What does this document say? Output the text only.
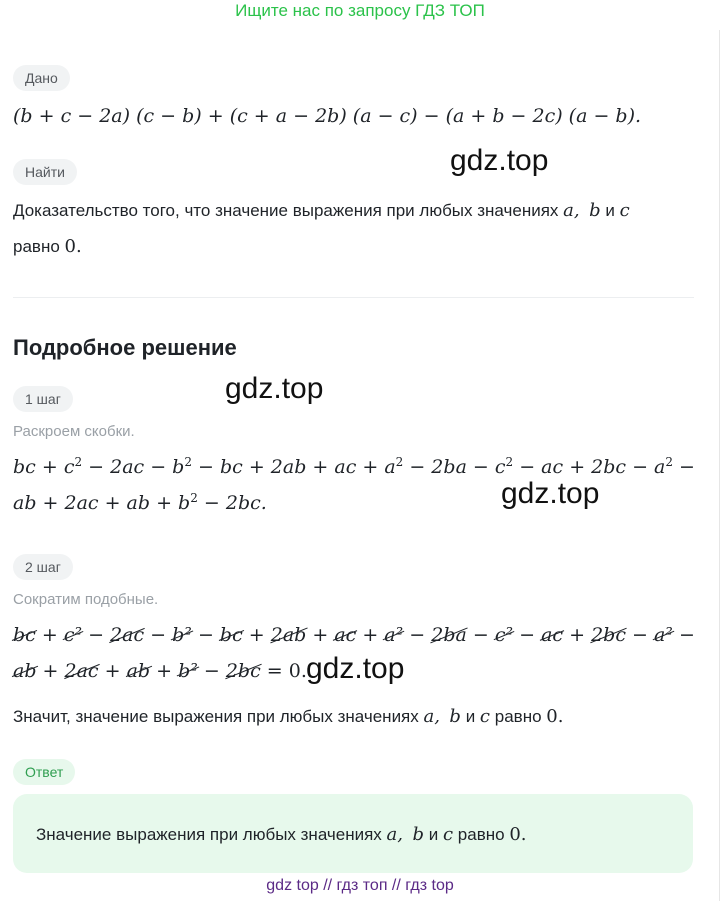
Ищите нас по запросу ГДЗ ТОП
Дано
(b + c − 2a) (c − b) + (c + a − 2b) (a − c) − (a + b − 2c) (a − b).
Найти
Доказательство того, что значение выражения при любых значениях a, b и c
равно 0.
Подробное решение
1 шаг
Раскроем скобки.
bc + $c^2 - 2ac - b^2$ − bc + 2ab + ac + $a^2 - 2ba - c^2$ − ac + $2bc - a^2$ −
ab + 2ac + ab + $b^2 - 2bc$.
2 шаг
Сократим подобные.
bc + c² − 2ac − b² − bc + 2ab + ac + a² − 2ba − c² − ac + 2bc − a² −
ab + 2ac + ab + b² − 2bc = 0.
Значит, значение выражения при любых значениях a, b и c равно 0.
Ответ
Значение выражения при любых значениях a, b и c равно 0.
gdz.top
gdz.top
gdz.top
gdz.top
gdz top // гдз топ // гдз top
